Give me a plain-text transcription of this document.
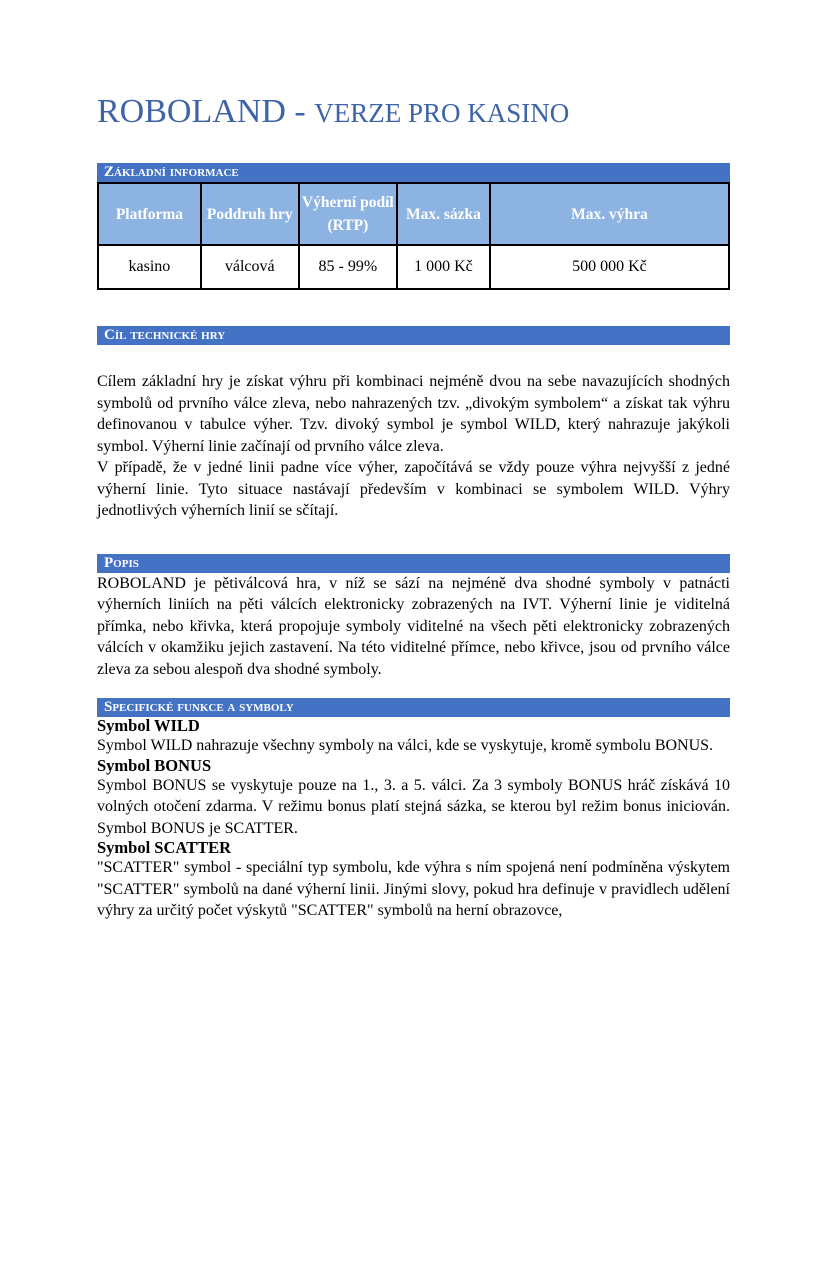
ROBOLAND - VERZE PRO KASINO
Základní informace
Platforma	Poddruh hry	Výherní podíl (RTP)	Max. sázka	Max. výhra
kasino	válcová	85 - 99%	1 000 Kč	500 000 Kč
Cíl technické hry

Cílem základní hry je získat výhru při kombinaci nejméně dvou na sebe navazujících shodných symbolů od prvního válce zleva, nebo nahrazených tzv. „divokým symbolem“ a získat tak výhru definovanou v tabulce výher. Tzv. divoký symbol je symbol WILD, který nahrazuje jakýkoli symbol. Výherní linie začínají od prvního válce zleva.

V případě, že v jedné linii padne více výher, započítává se vždy pouze výhra nejvyšší z jedné výherní linie. Tyto situace nastávají především v kombinaci se symbolem WILD. Výhry jednotlivých výherních linií se sčítají.

Popis

ROBOLAND je pětiválcová hra, v níž se sází na nejméně dva shodné symboly v patnácti výherních liniích na pěti válcích elektronicky zobrazených na IVT. Výherní linie je viditelná přímka, nebo křivka, která propojuje symboly viditelné na všech pěti elektronicky zobrazených válcích v okamžiku jejich zastavení. Na této viditelné přímce, nebo křivce, jsou od prvního válce zleva za sebou alespoň dva shodné symboly.

Specifické funkce a symboly
Symbol WILD

Symbol WILD nahrazuje všechny symboly na válci, kde se vyskytuje, kromě symbolu BONUS.

Symbol BONUS

Symbol BONUS se vyskytuje pouze na 1., 3. a 5. válci. Za 3 symboly BONUS hráč získává 10 volných otočení zdarma. V režimu bonus platí stejná sázka, se kterou byl režim bonus iniciován. Symbol BONUS je SCATTER.

Symbol SCATTER

"SCATTER" symbol - speciální typ symbolu, kde výhra s ním spojená není podmíněna výskytem "SCATTER" symbolů na dané výherní linii. Jinými slovy, pokud hra definuje v pravidlech udělení výhry za určitý počet výskytů "SCATTER" symbolů na herní obrazovce,
